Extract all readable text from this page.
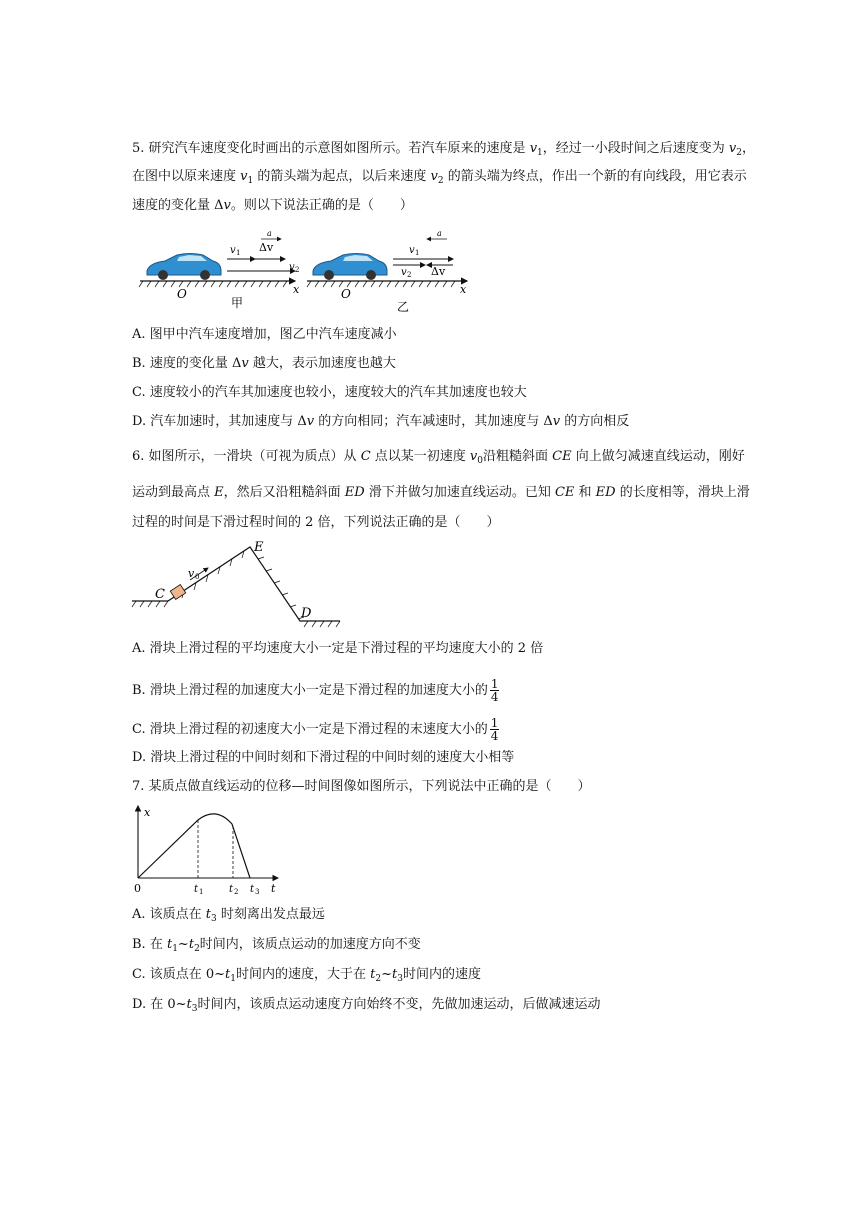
5. 研究汽车速度变化时画出的示意图如图所示。若汽车原来的速度是 $v_1$，经过一小段时间之后速度变为 $v_2$，
在图中以原来速度 $v_1$ 的箭头端为起点，以后来速度 $v_2$ 的箭头端为终点，作出一个新的有向线段，用它表示
速度的变化量 Δv。则以下说法正确的是（　　）
O	x
甲
v 1
v 2
Δv
a
O	x
乙
v 1
v 2 Δv
a
A. 图甲中汽车速度增加，图乙中汽车速度减小
B. 速度的变化量 Δv 越大，表示加速度也越大
C. 速度较小的汽车其加速度也较小，速度较大的汽车其加速度也较大
D. 汽车加速时，其加速度与 Δv 的方向相同；汽车减速时，其加速度与 Δv 的方向相反
6. 如图所示，一滑块（可视为质点）从 C 点以某一初速度 $v_0$沿粗糙斜面 CE 向上做匀减速直线运动，刚好
运动到最高点 E，然后又沿粗糙斜面 ED 滑下并做匀加速直线运动。已知 CE 和 ED 的长度相等，滑块上滑
过程的时间是下滑过程时间的 2 倍，下列说法正确的是（　　）
v 0
C
E
D
A. 滑块上滑过程的平均速度大小一定是下滑过程的平均速度大小的 2 倍
B. 滑块上滑过程的加速度大小一定是下滑过程的加速度大小的 $\frac{1}{4}$
C. 滑块上滑过程的初速度大小一定是下滑过程的末速度大小的 $\frac{1}{4}$
D. 滑块上滑过程的中间时刻和下滑过程的中间时刻的速度大小相等
7. 某质点做直线运动的位移—时间图像如图所示，下列说法中正确的是（　　）
x
t
0	t 1	t 2 t 3
A. 该质点在 $t_3$ 时刻离出发点最远
B. 在 $t_1\sim t_2$时间内，该质点运动的加速度方向不变
C. 该质点在 $0\sim t_1$时间内的速度，大于在 $t_2\sim t_3$时间内的速度
D. 在 $0\sim t_3$时间内，该质点运动速度方向始终不变，先做加速运动，后做减速运动
